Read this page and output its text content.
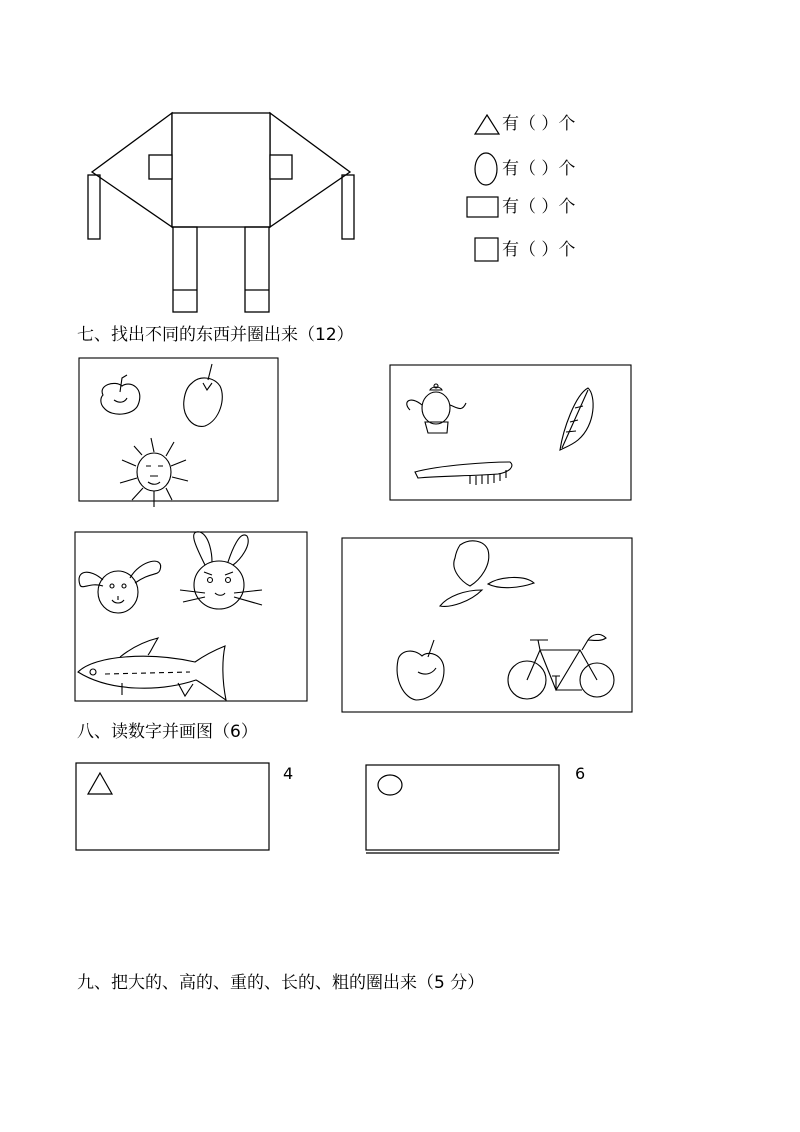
有（ ）个
有（ ）个
有（ ）个
有（ ）个
七、找出不同的东西并圈出来（12）
八、读数字并画图（6）
4	6
九、把大的、高的、重的、长的、粗的圈出来（5 分）
